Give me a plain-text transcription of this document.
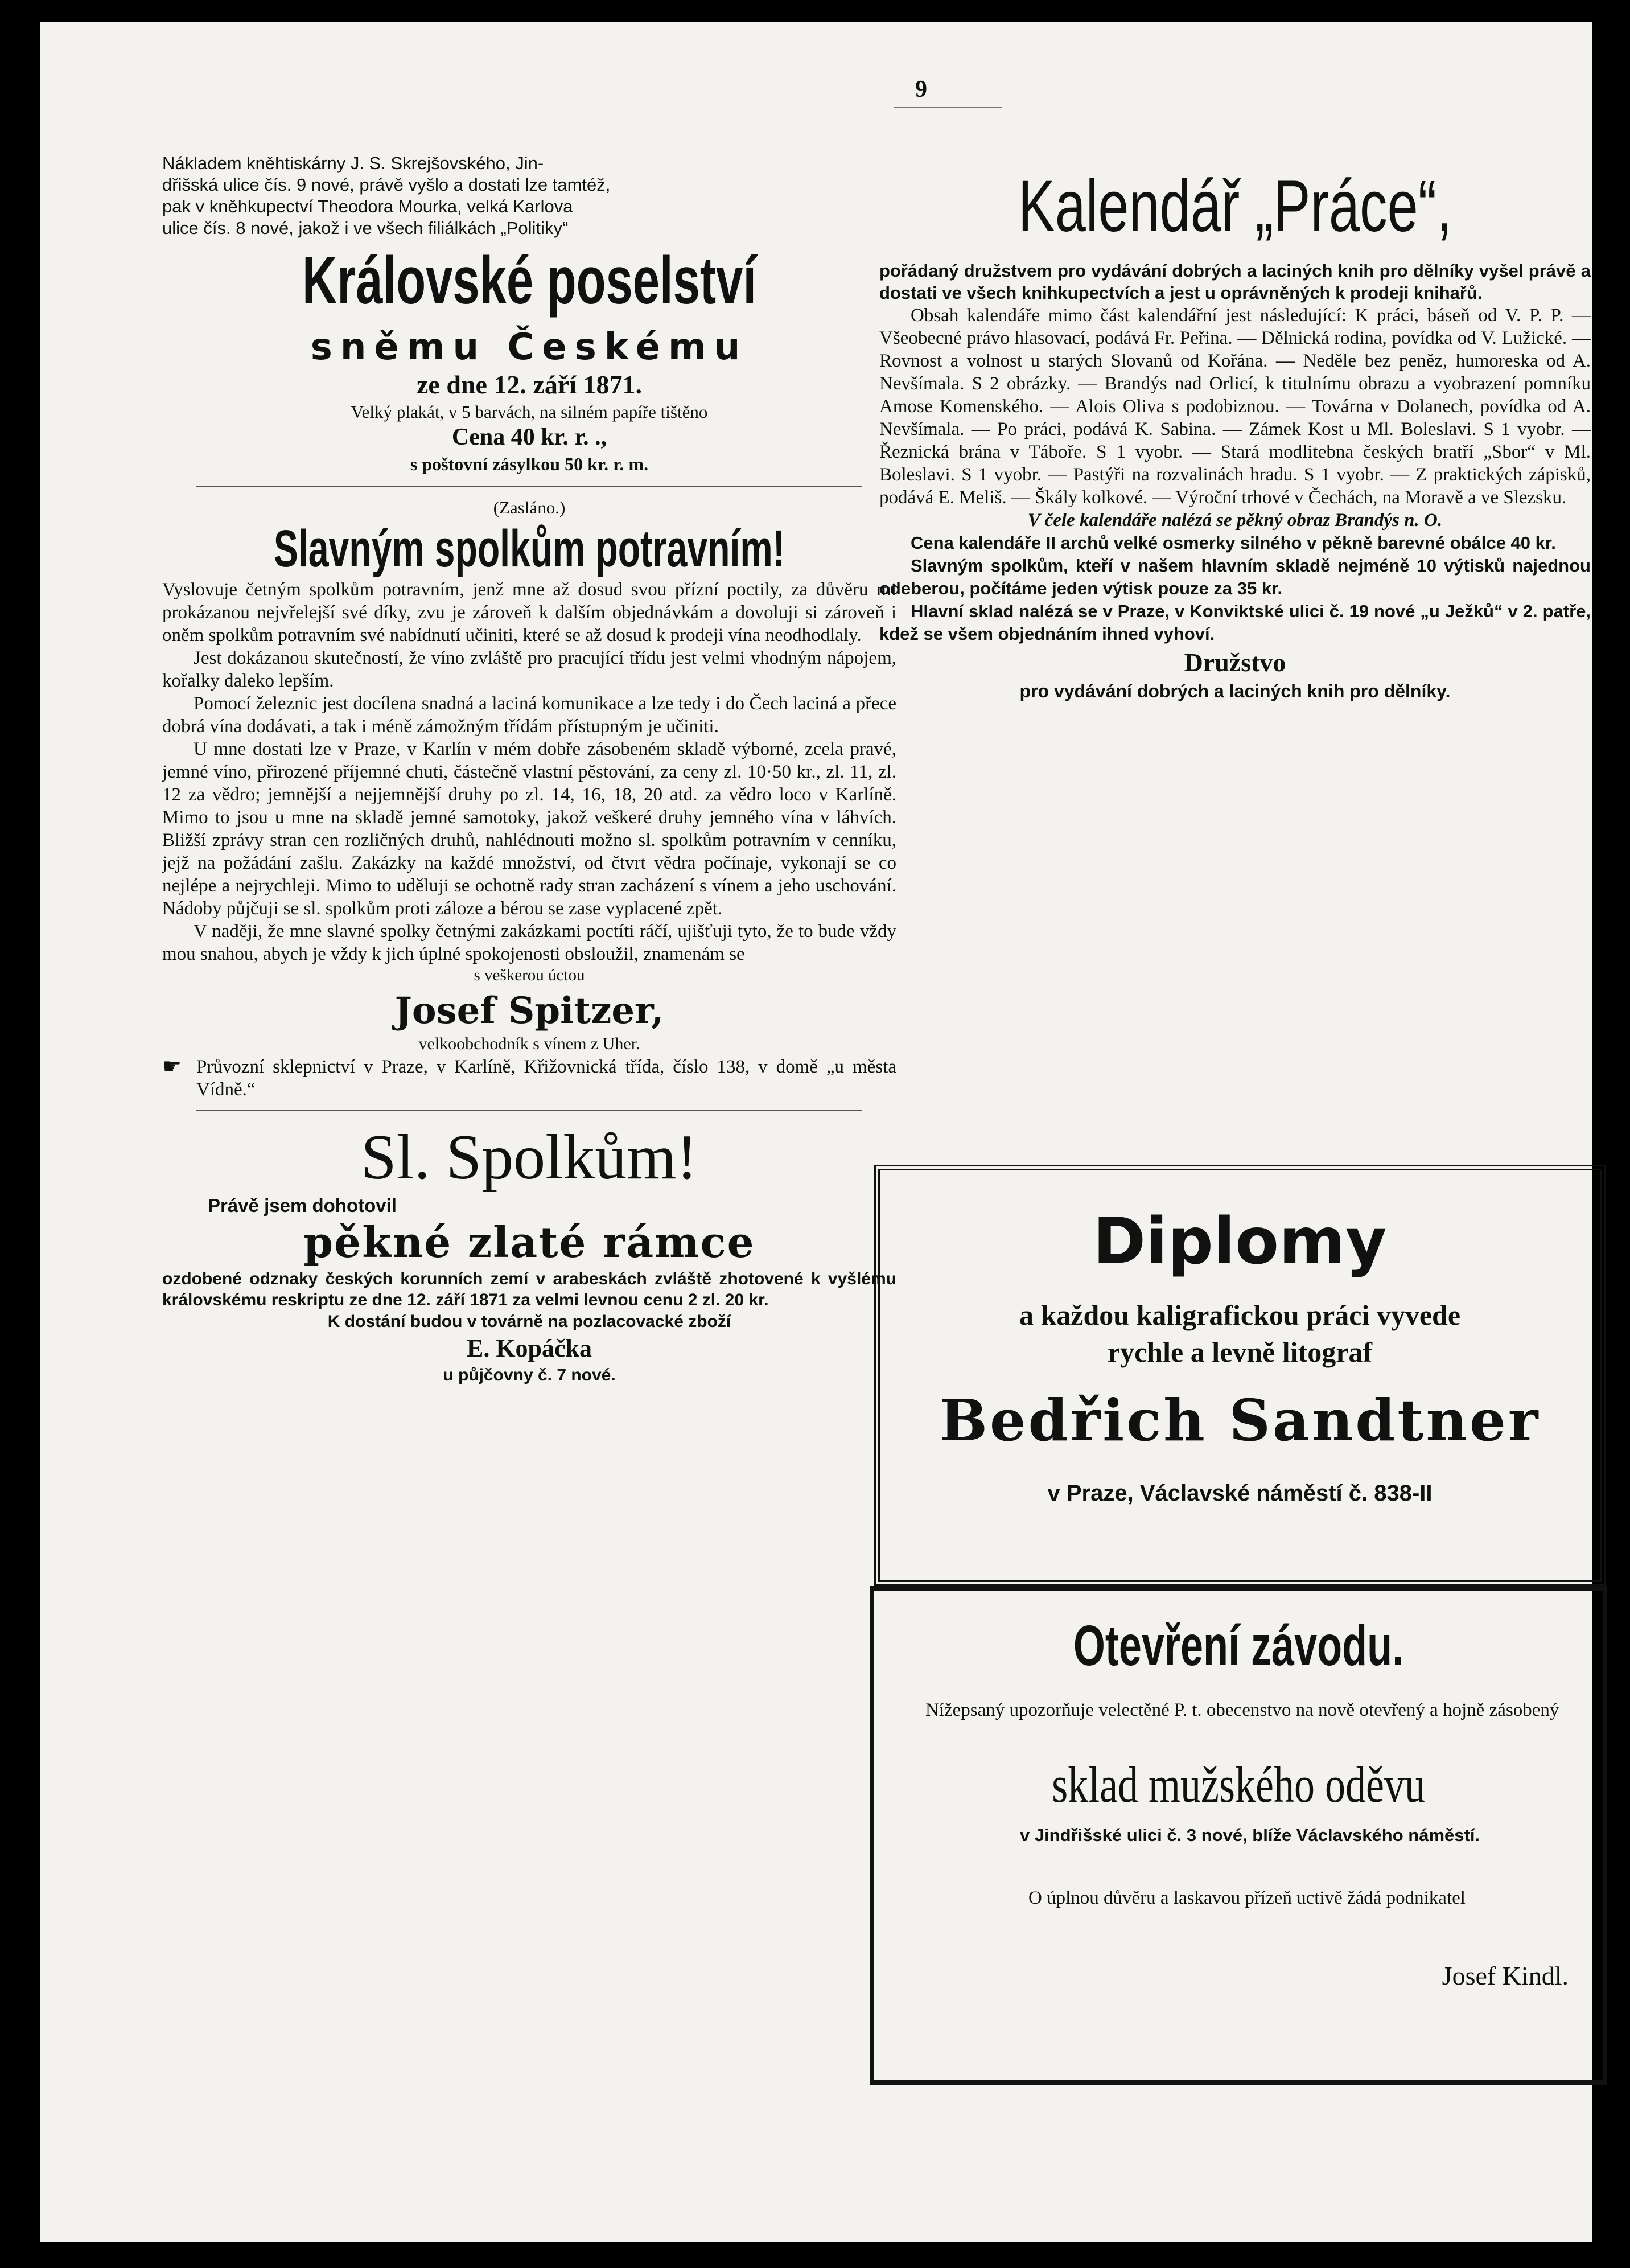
9

Nákladem kněhtiskárny J. S. Skrejšovského, Jin-

dřišská ulice čís. 9 nové, právě vyšlo a dostati lze tamtéž,

pak v kněhkupectví Theodora Mourka, velká Karlova

ulice čís. 8 nové, jakož i ve všech filiálkách „Politiky“

Královské poselství
sněmu Českému

ze dne 12. září 1871.

Velký plakát, v 5 barvách, na silném papíře tištěno

Cena 40 kr. r. .,

s poštovní zásylkou 50 kr. r. m.

(Zasláno.)

Slavným spolkům potravním!

Vyslovuje četným spolkům potravním, jenž mne až dosud svou přízní poctily, za důvěru mi prokázanou nejvřelejší své díky, zvu je zároveň k dalším objednávkám a dovoluji si zároveň i oněm spolkům potravním své nabídnutí učiniti, které se až dosud k prodeji vína neodhodlaly.

Jest dokázanou skutečností, že víno zvláště pro pracující třídu jest velmi vhodným nápojem, kořalky daleko lepším.

Pomocí železnic jest docílena snadná a laciná komunikace a lze tedy i do Čech laciná a přece dobrá vína dodávati, a tak i méně zámožným třídám přístupným je učiniti.

U mne dostati lze v Praze, v Karlín v mém dobře zásobeném skladě výborné, zcela pravé, jemné víno, přirozené příjemné chuti, částečně vlastní pěstování, za ceny zl. 10·50 kr., zl. 11, zl. 12 za vědro; jemnější a nejjemnější druhy po zl. 14, 16, 18, 20 atd. za vědro loco v Karlíně. Mimo to jsou u mne na skladě jemné samotoky, jakož veškeré druhy jemného vína v láhvích. Bližší zprávy stran cen rozličných druhů, nahlédnouti možno sl. spolkům potravním v cenníku, jejž na požádání zašlu. Zakázky na každé množství, od čtvrt vědra počínaje, vykonají se co nejlépe a nejrychleji. Mimo to uděluji se ochotně rady stran zacházení s vínem a jeho uschování. Nádoby půjčuji se sl. spolkům proti záloze a bérou se zase vyplacené zpět.

V naději, že mne slavné spolky četnými zakázkami poctíti ráčí, ujišťuji tyto, že to bude vždy mou snahou, abych je vždy k jich úplné spokojenosti obsloužil, znamenám se

s veškerou úctou

Josef Spitzer,

velkoobchodník s vínem z Uher.

☛ Průvozní sklepnictví v Praze, v Karlíně, Křižovnická třída, číslo 138, v domě „u města Vídně.“

Sl. Spolkům!

Právě jsem dohotovil

pěkné zlaté rámce

ozdobené odznaky českých korunních zemí v arabeskách zvláště zhotovené k vyšlému královskému reskriptu ze dne 12. září 1871 za velmi levnou cenu 2 zl. 20 kr.

K dostání budou v továrně na pozlacovacké zboží

E. Kopáčka

u půjčovny č. 7 nové.

Kalendář „Práce“,

pořádaný družstvem pro vydávání dobrých a laciných knih pro dělníky vyšel právě a dostati ve všech knihkupectvích a jest u oprávněných k prodeji knihařů.

Obsah kalendáře mimo část kalendářní jest následující: K práci, báseň od V. P. P. — Všeobecné právo hlasovací, podává Fr. Peřina. — Dělnická rodina, povídka od V. Lužické. — Rovnost a volnost u starých Slovanů od Kořána. — Neděle bez peněz, humoreska od A. Nevšímala. S 2 obrázky. — Brandýs nad Orlicí, k titulnímu obrazu a vyobrazení pomníku Amose Komenského. — Alois Oliva s podobiznou. — Továrna v Dolanech, povídka od A. Nevšímala. — Po práci, podává K. Sabina. — Zámek Kost u Ml. Boleslavi. S 1 vyobr. — Řeznická brána v Táboře. S 1 vyobr. — Stará modlitebna českých bratří „Sbor“ v Ml. Boleslavi. S 1 vyobr. — Pastýři na rozvalinách hradu. S 1 vyobr. — Z praktických zápisků, podává E. Meliš. — Škály kolkové. — Výroční trhové v Čechách, na Moravě a ve Slezsku.

V čele kalendáře nalézá se pěkný obraz Brandýs n. O.

Cena kalendáře II archů velké osmerky silného v pěkně barevné obálce 40 kr.

Slavným spolkům, kteří v našem hlavním skladě nejméně 10 výtisků najednou odeberou, počítáme jeden výtisk pouze za 35 kr.

Hlavní sklad nalézá se v Praze, v Konviktské ulici č. 19 nové „u Ježků“ v 2. patře, kdež se všem objednáním ihned vyhoví.

Družstvo

pro vydávání dobrých a laciných knih pro dělníky.

Diplomy
a každou kaligrafickou práci vyvede
rychle a levně litograf
Bedřich Sandtner
v Praze, Václavské náměstí č. 838-II
Otevření závodu.
Nížepsaný upozorňuje velectěné P. t. obecenstvo na nově otevřený a hojně zásobený
sklad mužského oděvu
v Jindřišské ulici č. 3 nové, blíže Václavského náměstí.
O úplnou důvěru a laskavou přízeň uctivě žádá podnikatel
Josef Kindl.
